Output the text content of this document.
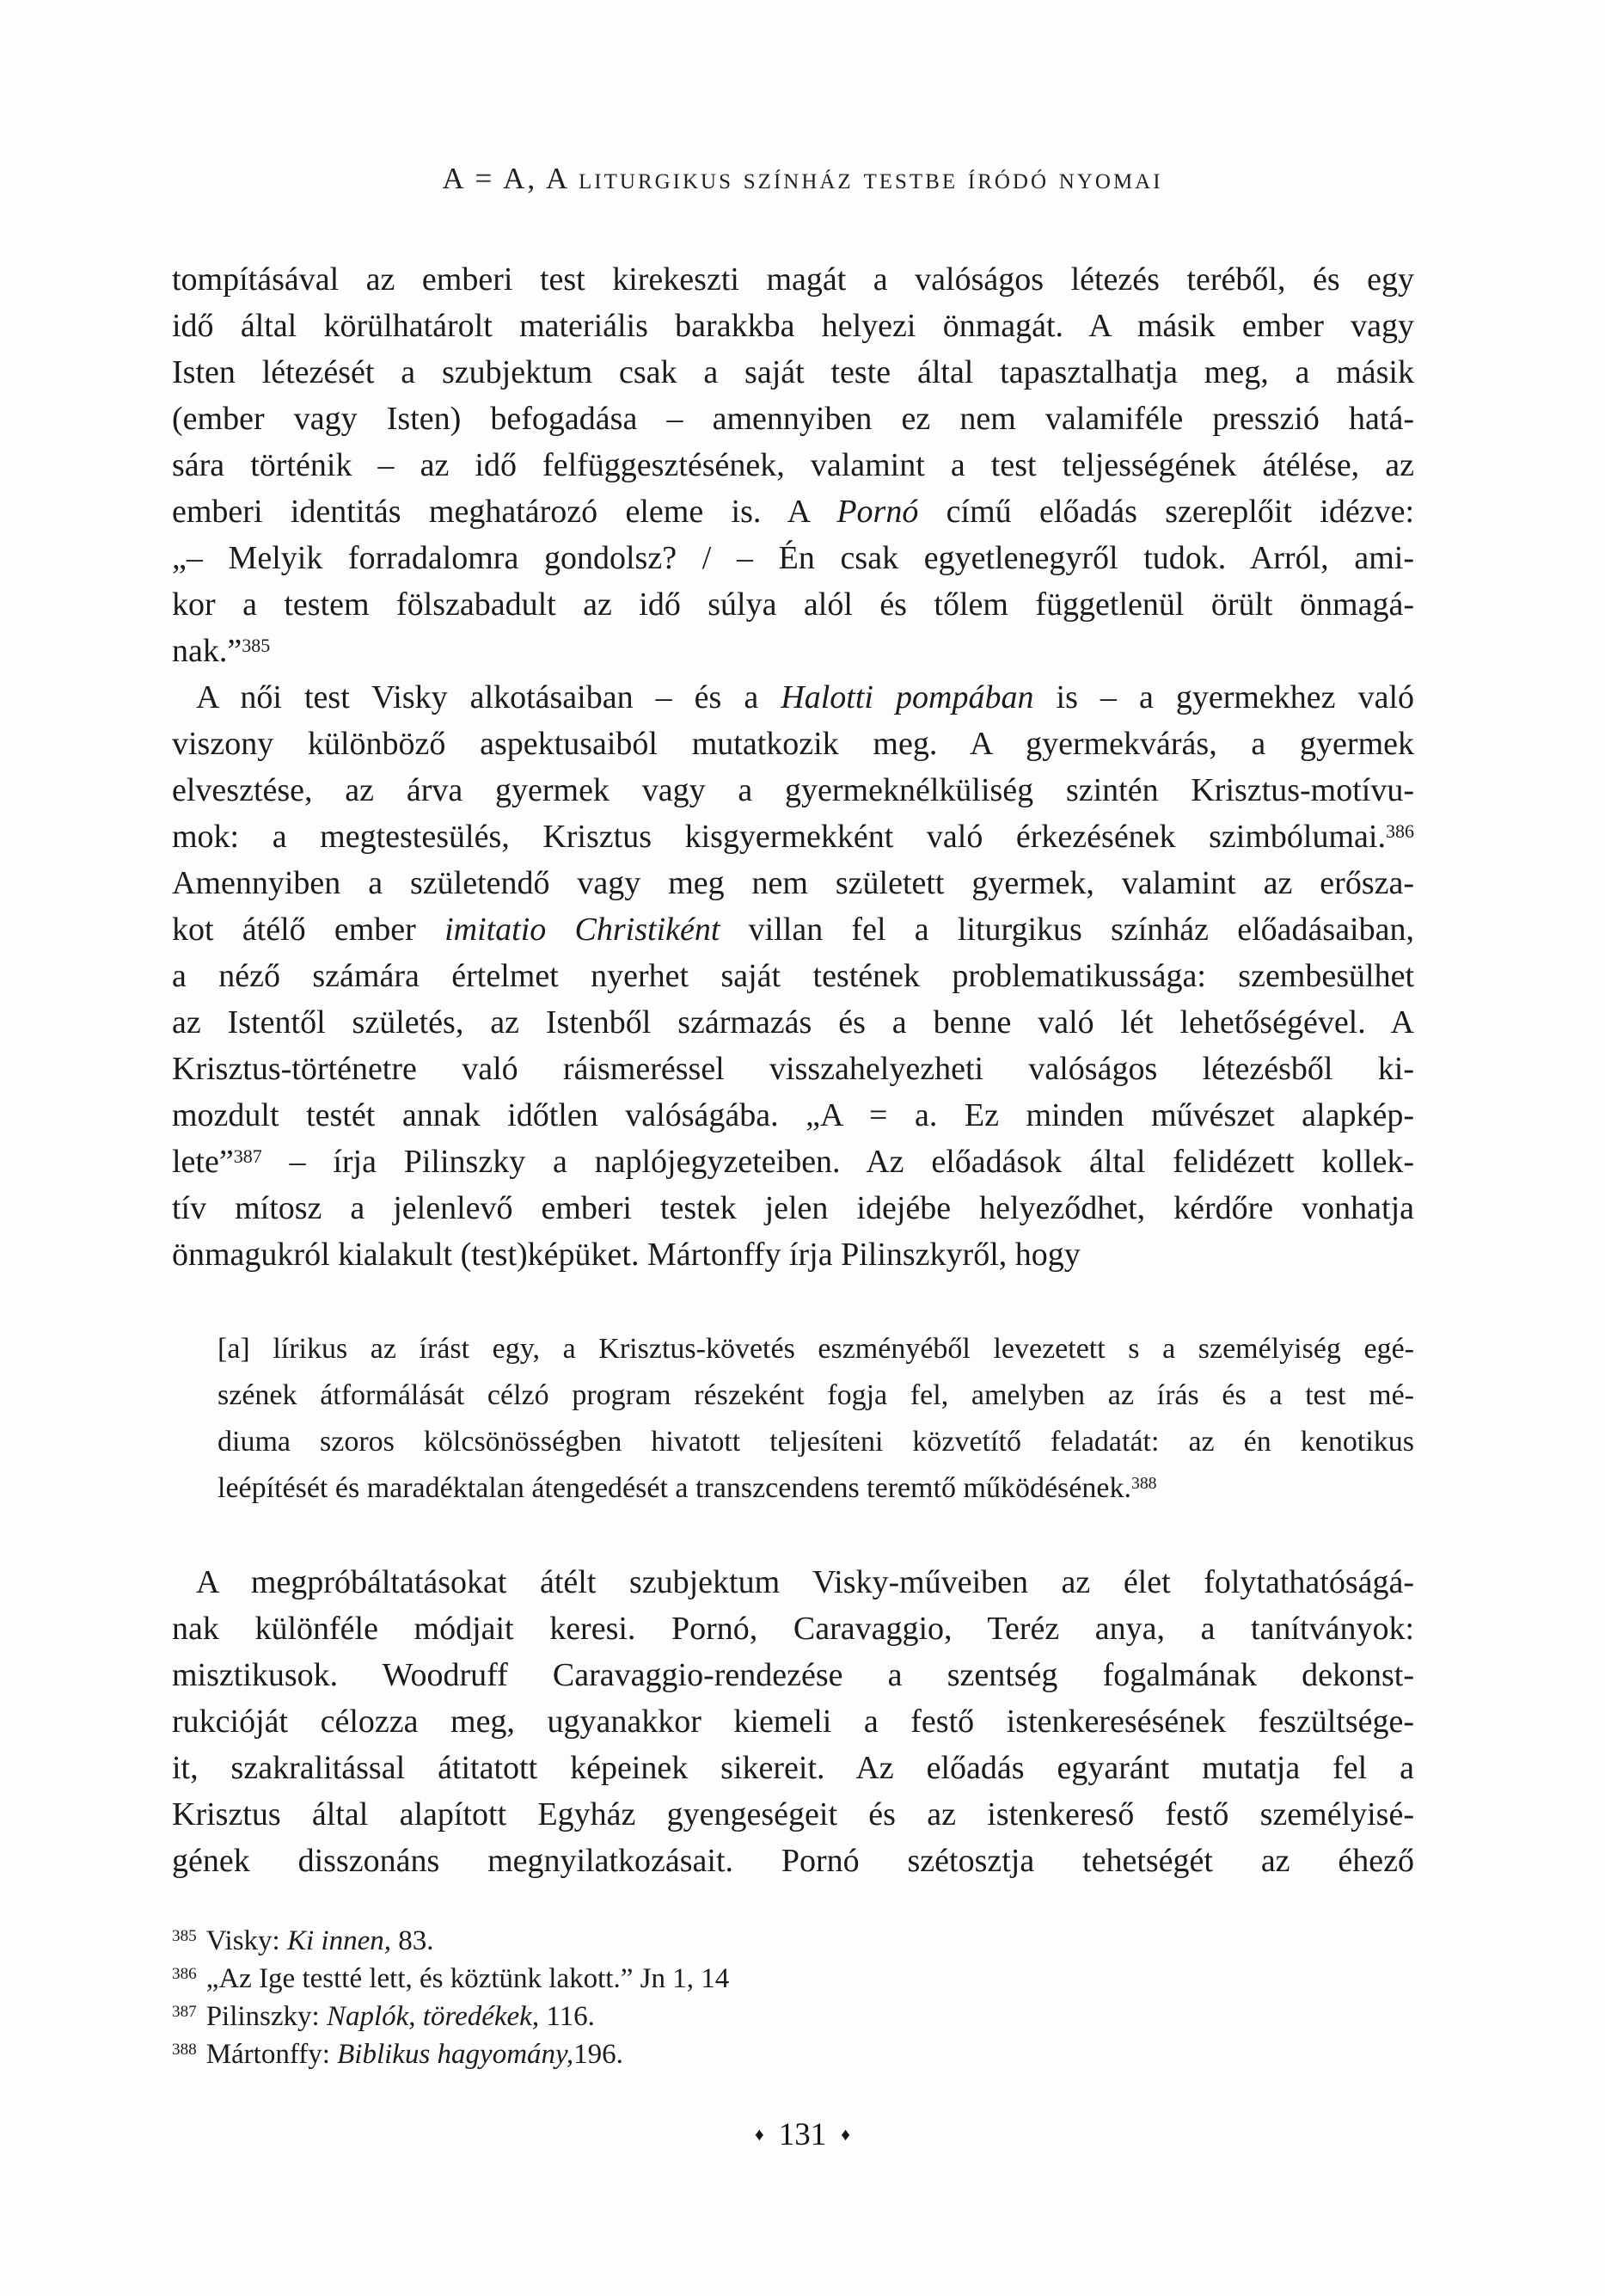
A = A, A liturgikus színház testbe íródó nyomai
tompításával az emberi test kirekeszti magát a valóságos létezés teréből, és egy
idő által körülhatárolt materiális barakkba helyezi önmagát. A másik ember vagy
Isten létezését a szubjektum csak a saját teste által tapasztalhatja meg, a másik
(ember vagy Isten) befogadása – amennyiben ez nem valamiféle presszió hatá-
sára történik – az idő felfüggesztésének, valamint a test teljességének átélése, az
emberi identitás meghatározó eleme is. A Pornó című előadás szereplőit idézve:
„– Melyik forradalomra gondolsz? / – Én csak egyetlenegyről tudok. Arról, ami-
kor a testem fölszabadult az idő súlya alól és tőlem függetlenül örült önmagá-
nak.”$^{385}$
A női test Visky alkotásaiban – és a Halotti pompában is – a gyermekhez való
viszony különböző aspektusaiból mutatkozik meg. A gyermekvárás, a gyermek
elvesztése, az árva gyermek vagy a gyermeknélküliség szintén Krisztus-motívu-
mok: a megtestesülés, Krisztus kisgyermekként való érkezésének szimbólumai.$^{386}$
Amennyiben a születendő vagy meg nem született gyermek, valamint az erősza-
kot átélő ember imitatio Christiként villan fel a liturgikus színház előadásaiban,
a néző számára értelmet nyerhet saját testének problematikussága: szembesülhet
az Istentől születés, az Istenből származás és a benne való lét lehetőségével. A
Krisztus-történetre való ráismeréssel visszahelyezheti valóságos létezésből ki-
mozdult testét annak időtlen valóságába. „A = a. Ez minden művészet alapkép-
lete”$^{387}$ – írja Pilinszky a naplójegyzeteiben. Az előadások által felidézett kollek-
tív mítosz a jelenlevő emberi testek jelen idejébe helyeződhet, kérdőre vonhatja
önmagukról kialakult (test)képüket. Mártonffy írja Pilinszkyről, hogy
[a] lírikus az írást egy, a Krisztus-követés eszményéből levezetett s a személyiség egé-
szének átformálását célzó program részeként fogja fel, amelyben az írás és a test mé-
diuma szoros kölcsönösségben hivatott teljesíteni közvetítő feladatát: az én kenotikus
leépítését és maradéktalan átengedését a transzcendens teremtő működésének.$^{388}$
A megpróbáltatásokat átélt szubjektum Visky-műveiben az élet folytathatóságá-
nak különféle módjait keresi. Pornó, Caravaggio, Teréz anya, a tanítványok:
misztikusok. Woodruff Caravaggio-rendezése a szentség fogalmának dekonst-
rukcióját célozza meg, ugyanakkor kiemeli a festő istenkeresésének feszültsége-
it, szakralitással átitatott képeinek sikereit. Az előadás egyaránt mutatja fel a
Krisztus által alapított Egyház gyengeségeit és az istenkereső festő személyisé-
gének disszonáns megnyilatkozásait. Pornó szétosztja tehetségét az éhező
$^{385}$ Visky: Ki innen, 83.
$^{386}$ „Az Ige testté lett, és köztünk lakott.” Jn 1, 14
$^{387}$ Pilinszky: Naplók, töredékek, 116.
$^{388}$ Mártonffy: Biblikus hagyomány,196.
♦ 131 ♦
